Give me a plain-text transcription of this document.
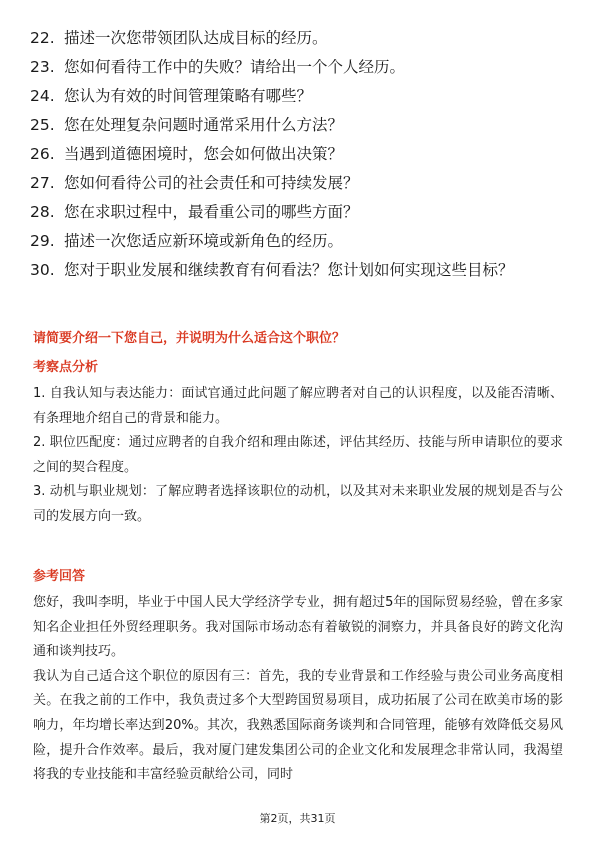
22. 描述一次您带领团队达成目标的经历。
23. 您如何看待工作中的失败？请给出一个个人经历。
24. 您认为有效的时间管理策略有哪些？
25. 您在处理复杂问题时通常采用什么方法？
26. 当遇到道德困境时，您会如何做出决策？
27. 您如何看待公司的社会责任和可持续发展？
28. 您在求职过程中，最看重公司的哪些方面？
29. 描述一次您适应新环境或新角色的经历。
30. 您对于职业发展和继续教育有何看法？您计划如何实现这些目标？

请简要介绍一下您自己，并说明为什么适合这个职位？

考察点分析

1. 自我认知与表达能力：面试官通过此问题了解应聘者对自己的认识程度，以及能否清晰、有条理地介绍自己的背景和能力。

2. 职位匹配度：通过应聘者的自我介绍和理由陈述，评估其经历、技能与所申请职位的要求之间的契合程度。

3. 动机与职业规划：了解应聘者选择该职位的动机，以及其对未来职业发展的规划是否与公司的发展方向一致。

参考回答

您好，我叫李明，毕业于中国人民大学经济学专业，拥有超过5年的国际贸易经验，曾在多家知名企业担任外贸经理职务。我对国际市场动态有着敏锐的洞察力，并具备良好的跨文化沟通和谈判技巧。

我认为自己适合这个职位的原因有三：首先，我的专业背景和工作经验与贵公司业务高度相关。在我之前的工作中，我负责过多个大型跨国贸易项目，成功拓展了公司在欧美市场的影响力，年均增长率达到20%。其次，我熟悉国际商务谈判和合同管理，能够有效降低交易风险，提升合作效率。最后，我对厦门建发集团公司的企业文化和发展理念非常认同，我渴望将我的专业技能和丰富经验贡献给公司，同时

第2页，共31页
